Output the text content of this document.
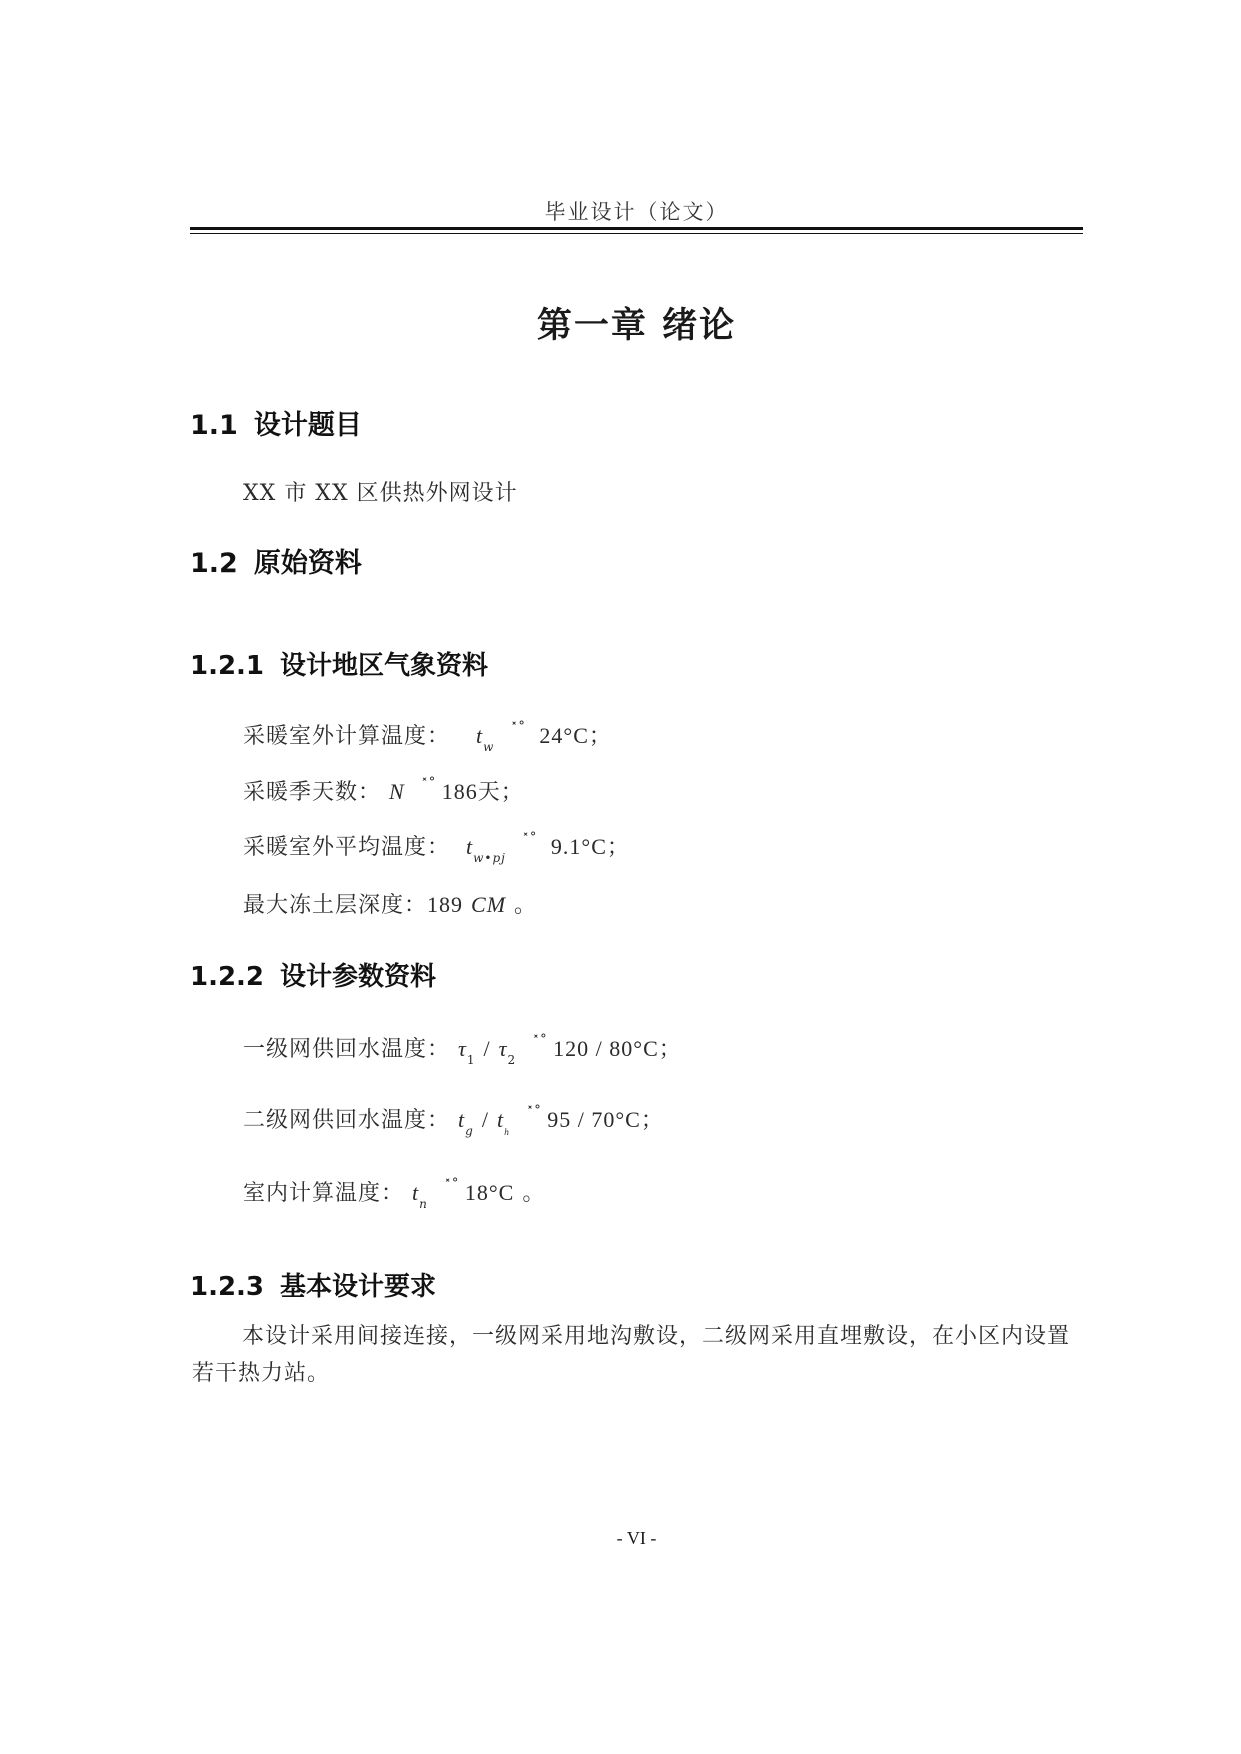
毕业设计（论文）
第一章 绪论
1.1 设计题目
XX 市 XX 区供热外网设计
1.2 原始资料
1.2.1 设计地区气象资料
采暖室外计算温度： $t_w$ ˟˚ 24°C；
采暖季天数： N ˟˚ 186天；
采暖室外平均温度： $t_{w•pj}$ ˟˚ 9.1°C；
最大冻土层深度：189 CM 。
1.2.2 设计参数资料
一级网供回水温度： $\tau_1 / \tau_2$ ˟˚ 120 / 80°C；
二级网供回水温度： $t_g / t_h$ ˟˚ 95 / 70°C；
室内计算温度： $t_n$ ˟˚ 18°C 。
1.2.3 基本设计要求
本设计采用间接连接，一级网采用地沟敷设，二级网采用直埋敷设，在小区内设置若干热力站。
- VI -
